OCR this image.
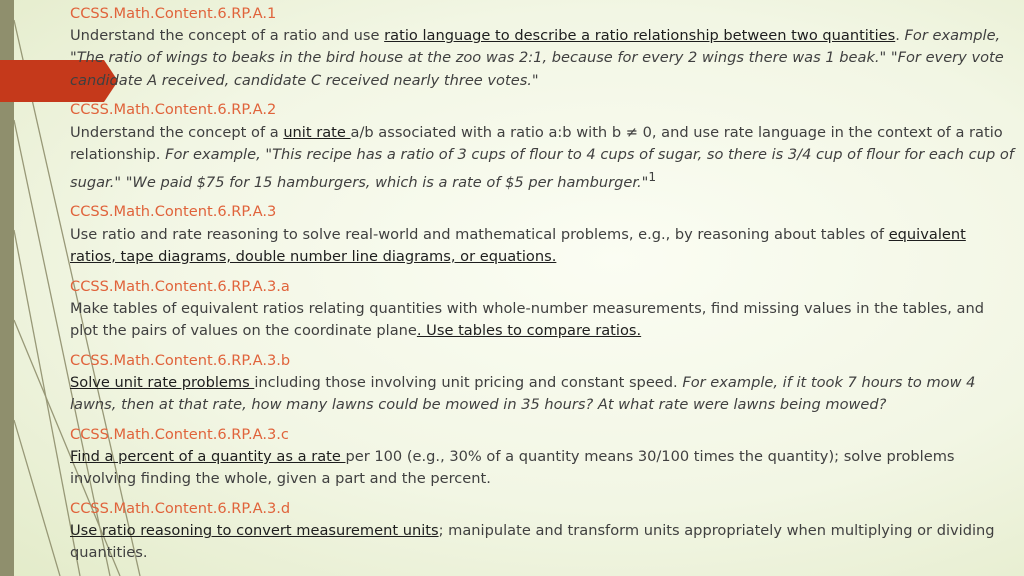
CCSS.Math.Content.6.RP.A.1
Understand the concept of a ratio and use ratio language to describe a ratio relationship between two quantities. For example, "The ratio of wings to beaks in the bird house at the zoo was 2:1, because for every 2 wings there was 1 beak." "For every vote candidate A received, candidate C received nearly three votes."

CCSS.Math.Content.6.RP.A.2
Understand the concept of a unit rate a/b associated with a ratio a:b with b ≠ 0, and use rate language in the context of a ratio relationship. For example, "This recipe has a ratio of 3 cups of flour to 4 cups of sugar, so there is 3/4 cup of flour for each cup of sugar." "We paid $75 for 15 hamburgers, which is a rate of $5 per hamburger."$^1$

CCSS.Math.Content.6.RP.A.3
Use ratio and rate reasoning to solve real-world and mathematical problems, e.g., by reasoning about tables of equivalent ratios, tape diagrams, double number line diagrams, or equations.

CCSS.Math.Content.6.RP.A.3.a
Make tables of equivalent ratios relating quantities with whole-number measurements, find missing values in the tables, and plot the pairs of values on the coordinate plane. Use tables to compare ratios.

CCSS.Math.Content.6.RP.A.3.b
Solve unit rate problems including those involving unit pricing and constant speed. For example, if it took 7 hours to mow 4 lawns, then at that rate, how many lawns could be mowed in 35 hours? At what rate were lawns being mowed?

CCSS.Math.Content.6.RP.A.3.c
Find a percent of a quantity as a rate per 100 (e.g., 30% of a quantity means 30/100 times the quantity); solve problems involving finding the whole, given a part and the percent.

CCSS.Math.Content.6.RP.A.3.d
Use ratio reasoning to convert measurement units; manipulate and transform units appropriately when multiplying or dividing quantities.
